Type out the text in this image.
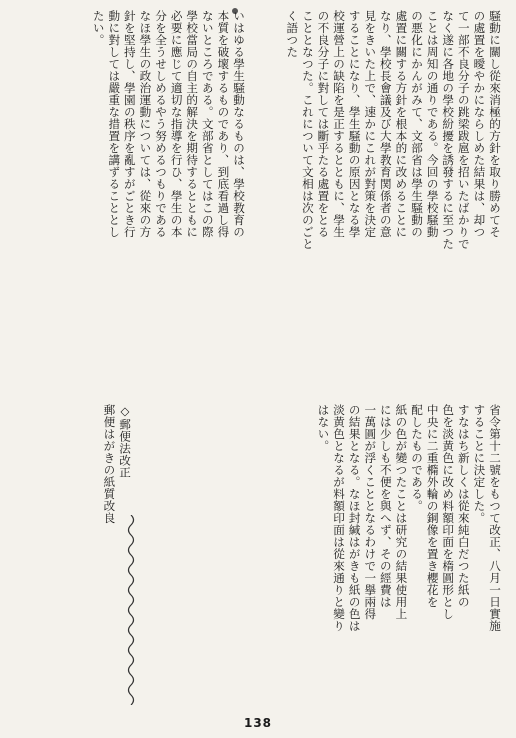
騒動に關し從來消極的方針を取り勝めてそ
の處置を曖やかにならしめた結果は、却つ
て一部不良分子の跳梁跋扈を招いたばかりで
なく遂に各地の學校紛擾を誘發するに至つた
ことは周知の通りである。今回の學校騒動
の悪化にかんがみて、文部省は學生騒動の
處置に關する方針を根本的に改めることに
なり、學校長會議及び大學教育関係者の意
見をきいた上で、速かにこれが對策を決定
することになり、學生騒動の原因となる學
校運營上の缺陷を是正するとともに、學生
の不良分子に對しては斷乎たる處置をとる
こととなつた。これについて文相は次のごと
く語つた

いはゆる學生騒動なるものは、學校教育の
本質を破壞するものであり、到底看過し得
ないところである。文部省としてはこの際
學校當局の自主的解決を期待するとともに
必要に應じて適切な指導を行ひ、學生の本
分を全うせしめるやう努めるつもりである
なほ學生の政治運動については、從來の方
針を堅持し、學園の秩序を亂すがごとき行
動に對しては嚴重な措置を講ずることとし
たい。
省令第十二號をもつて改正、八月一日實施
することに決定した。
すなはち新しくは從來純白だつた紙の
色を淡黄色に改め料額印面を楕圓形とし
中央に二重橢外輪の銅像を置き櫻花を
配したものである。
紙の色が變つたことは研究の結果使用上
には少しも不便を與へず、その經費は
一萬圓が浮くこととなるわけで一擧兩得
の結果となる。なほ封緘はがきも紙の色は
淡黄色となるが料額印面は從來通りと變り
はない。
◇郵便法改正
郵便はがきの紙質改良
138
